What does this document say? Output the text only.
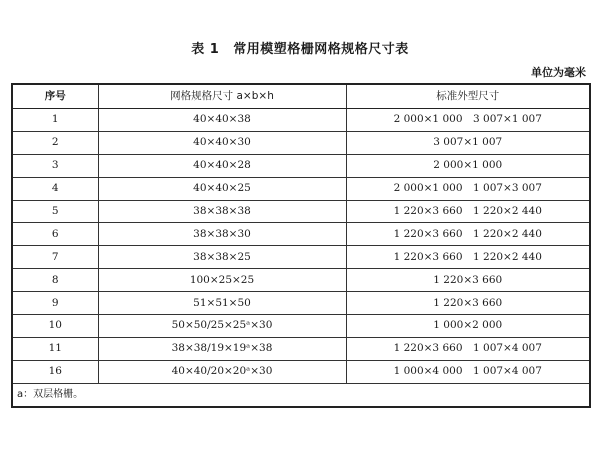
表 1 常用模塑格栅网格规格尺寸表
单位为毫米
序号	网格规格尺寸 a×b×h	标准外型尺寸
1	40×40×38	2 000×1 000　3 007×1 007
2	40×40×30	3 007×1 007
3	40×40×28	2 000×1 000
4	40×40×25	2 000×1 000　1 007×3 007
5	38×38×38	1 220×3 660　1 220×2 440
6	38×38×30	1 220×3 660　1 220×2 440
7	38×38×25	1 220×3 660　1 220×2 440
8	100×25×25	1 220×3 660
9	51×51×50	1 220×3 660
10	50×50/25×25ᵃ×30	1 000×2 000
11	38×38/19×19ᵃ×38	1 220×3 660　1 007×4 007
16	40×40/20×20ᵃ×30	1 000×4 000　1 007×4 007
a：双层格栅。		
